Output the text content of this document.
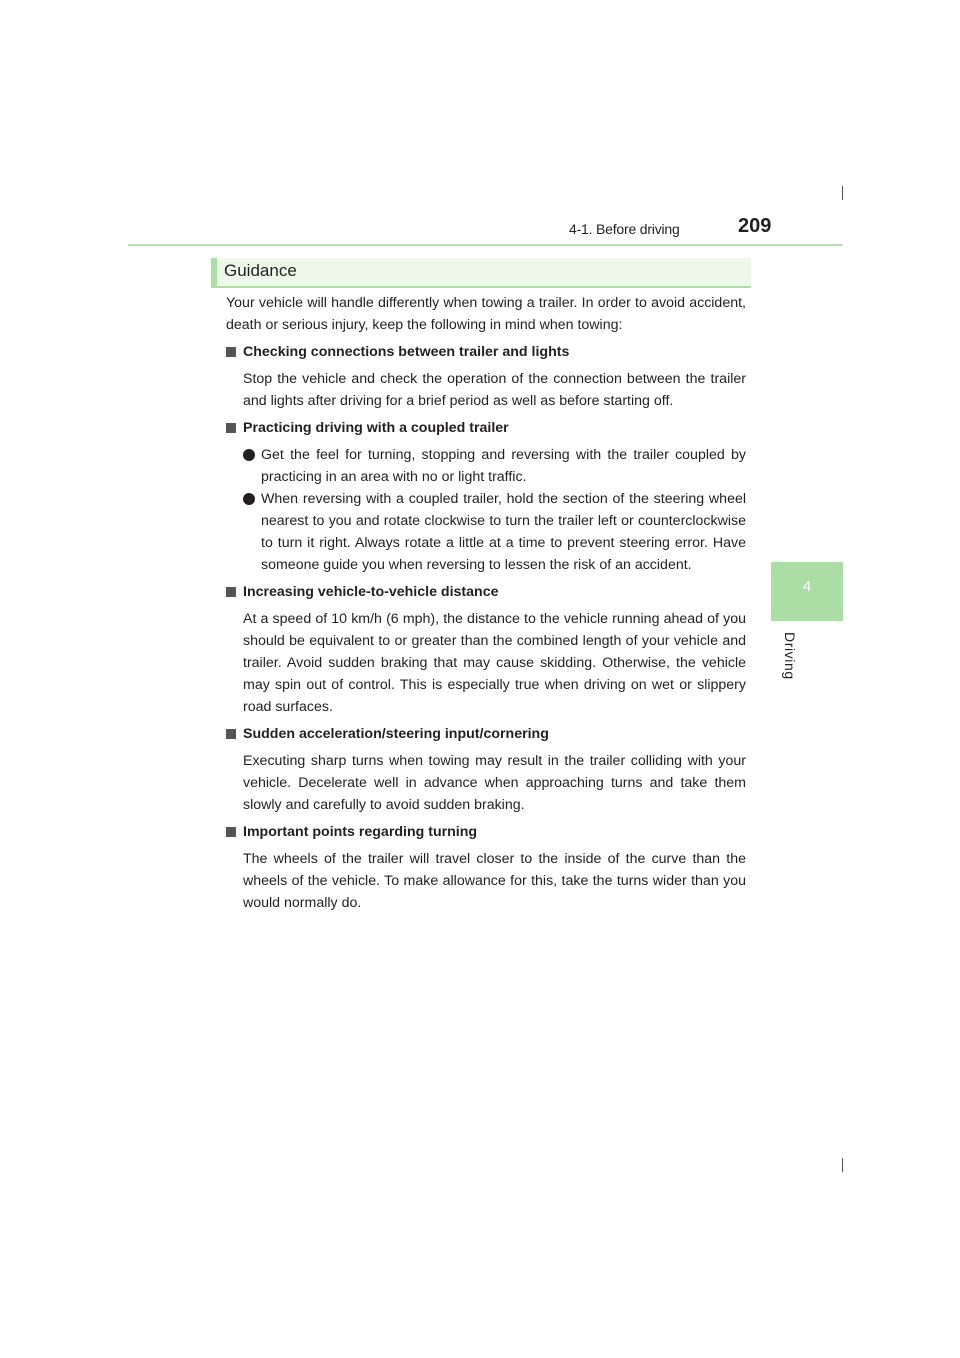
4-1. Before driving	209
4
Driving
Guidance

Your vehicle will handle differently when towing a trailer. In order to avoid accident, death or serious injury, keep the following in mind when towing:

Checking connections between trailer and lights

Stop the vehicle and check the operation of the connection between the trailer and lights after driving for a brief period as well as before starting off.

Practicing driving with a coupled trailer

Get the feel for turning, stopping and reversing with the trailer coupled by practicing in an area with no or light traffic.

When reversing with a coupled trailer, hold the section of the steering wheel nearest to you and rotate clockwise to turn the trailer left or counterclockwise to turn it right. Always rotate a little at a time to prevent steering error. Have someone guide you when reversing to lessen the risk of an accident.

Increasing vehicle-to-vehicle distance

At a speed of 10 km/h (6 mph), the distance to the vehicle running ahead of you should be equivalent to or greater than the combined length of your vehicle and trailer. Avoid sudden braking that may cause skidding. Otherwise, the vehicle may spin out of control. This is especially true when driving on wet or slippery road surfaces.

Sudden acceleration/steering input/cornering

Executing sharp turns when towing may result in the trailer colliding with your vehicle. Decelerate well in advance when approaching turns and take them slowly and carefully to avoid sudden braking.

Important points regarding turning

The wheels of the trailer will travel closer to the inside of the curve than the wheels of the vehicle. To make allowance for this, take the turns wider than you would normally do.
